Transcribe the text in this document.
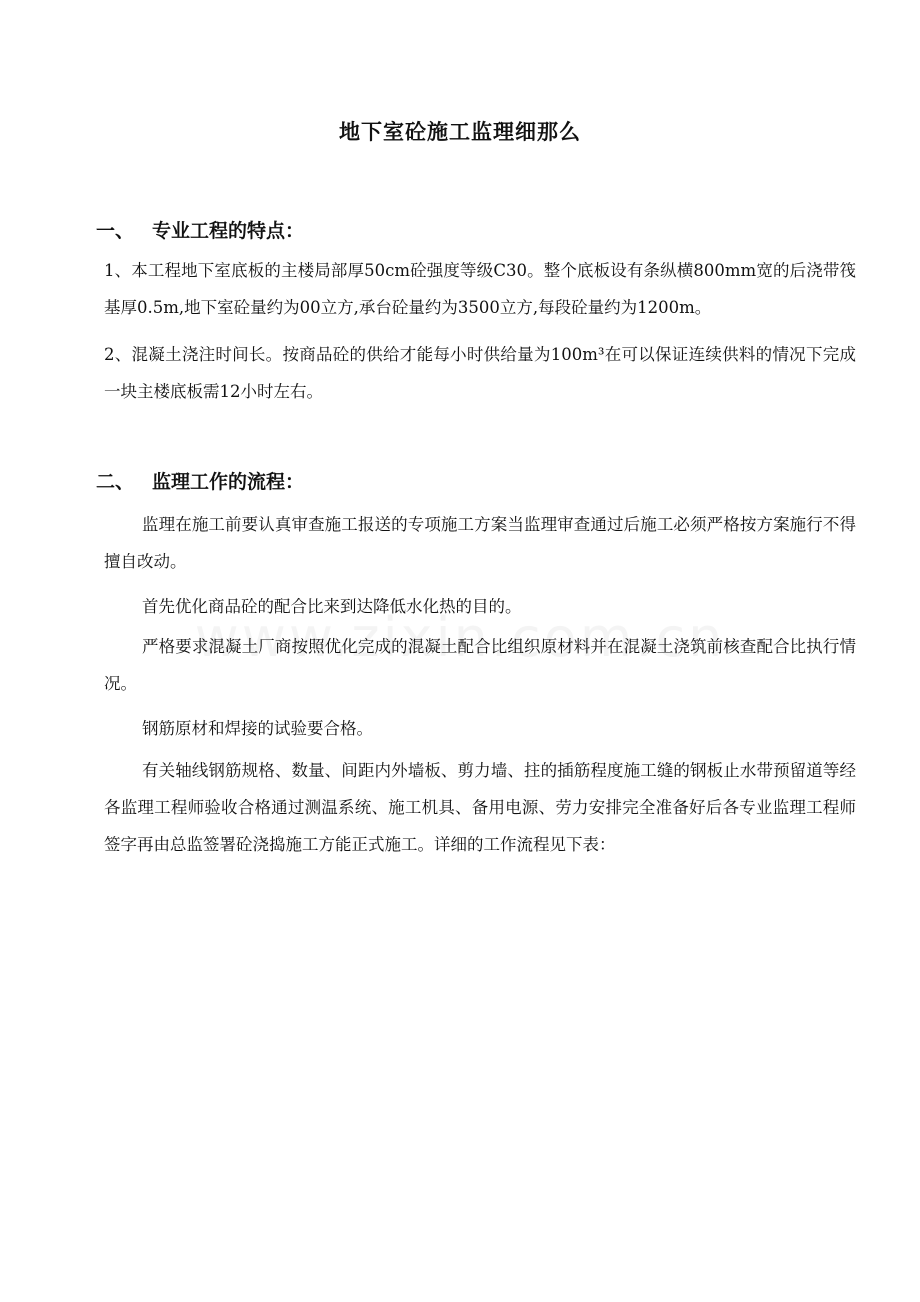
地下室砼施工监理细那么
一、 专业工程的特点：
1、本工程地下室底板的主楼局部厚50cm砼强度等级C30。整个底板设有条纵横800mm宽的后浇带筏基厚0.5m,地下室砼量约为00立方,承台砼量约为3500立方,每段砼量约为1200m。
2、混凝土浇注时间长。按商品砼的供给才能每小时供给量为100m³在可以保证连续供料的情况下完成一块主楼底板需12小时左右。
二、 监理工作的流程：
监理在施工前要认真审查施工报送的专项施工方案当监理审查通过后施工必须严格按方案施行不得擅自改动。
首先优化商品砼的配合比来到达降低水化热的目的。
严格要求混凝土厂商按照优化完成的混凝土配合比组织原材料并在混凝土浇筑前核查配合比执行情况。
钢筋原材和焊接的试验要合格。
有关轴线钢筋规格、数量、间距内外墙板、剪力墙、拄的插筋程度施工缝的钢板止水带预留道等经各监理工程师验收合格通过测温系统、施工机具、备用电源、劳力安排完全准备好后各专业监理工程师签字再由总监签署砼浇捣施工方能正式施工。详细的工作流程见下表：
